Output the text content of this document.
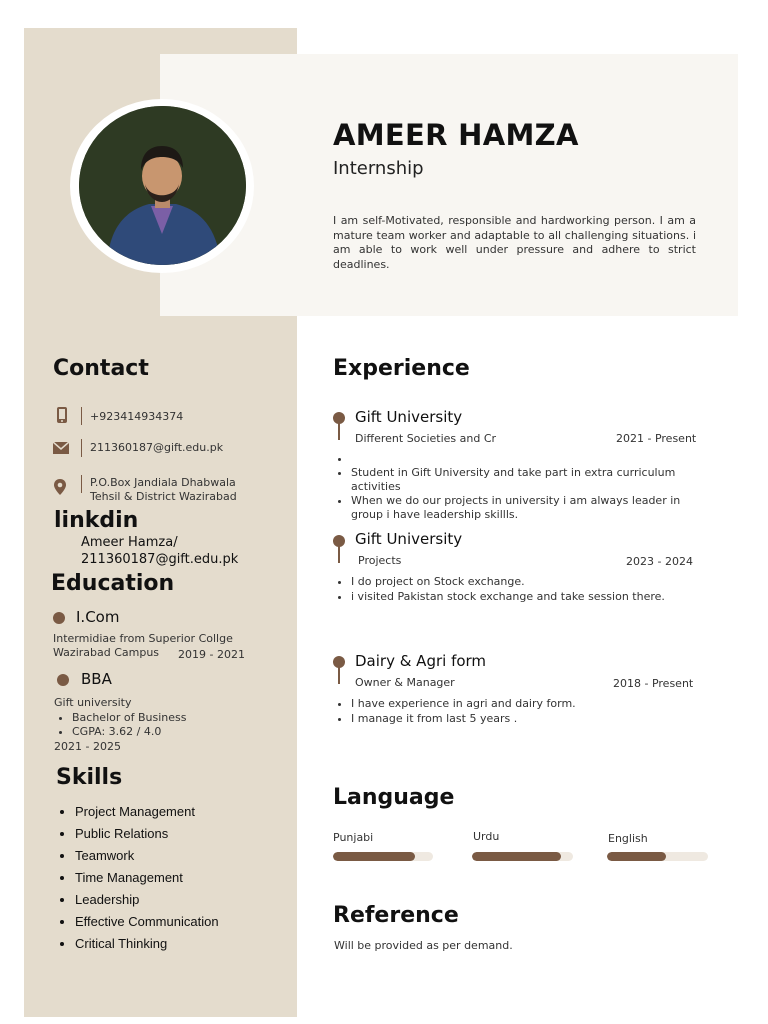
AMEER HAMZA
Internship
I am self-Motivated, responsible and hardworking person. I am a mature team worker and adaptable to all challenging situations. i am able to work well under pressure and adhere to strict deadlines.
Contact
+923414934374
211360187@gift.edu.pk
P.O.Box Jandiala Dhabwala
Tehsil & District Wazirabad
linkdin
Ameer Hamza/
211360187@gift.edu.pk
Education
I.Com
Intermidiae from Superior Collge
Wazirabad Campus 2019 - 2021
BBA
Gift university
• Bachelor of Business
• CGPA: 3.62 / 4.0
2021 - 2025
Skills
• Project Management
• Public Relations
• Teamwork
• Time Management
• Leadership
• Effective Communication
• Critical Thinking
Experience
Gift University
Different Societies and Cr	2021 - Present
•
• Student in Gift University and take part in extra curriculum activities
• When we do our projects in university i am always leader in group i have leadership skillls.
Gift University
Projects	2023 - 2024
• I do project on Stock exchange.
• i visited Pakistan stock exchange and take session there.
Dairy & Agri form
Owner & Manager	2018 - Present
• I have experience in agri and dairy form.
• I manage it from last 5 years .
Language
Punjabi	Urdu	English
Reference
Will be provided as per demand.
